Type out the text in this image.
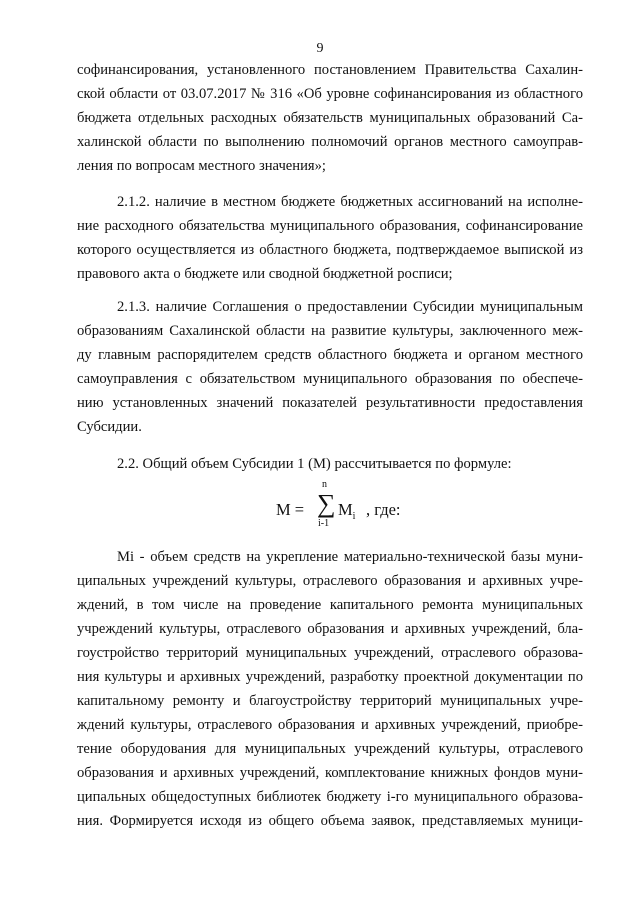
9
софинансирования, установленного постановлением Правительства Сахалин-
ской области от 03.07.2017 № 316 «Об уровне софинансирования из областного
бюджета отдельных расходных обязательств муниципальных образований Са-
халинской области по выполнению полномочий органов местного самоуправ-
ления по вопросам местного значения»;
2.1.2. наличие в местном бюджете бюджетных ассигнований на исполне-
ние расходного обязательства муниципального образования, софинансирование
которого осуществляется из областного бюджета, подтверждаемое выпиской из
правового акта о бюджете или сводной бюджетной росписи;
2.1.3. наличие Соглашения о предоставлении Субсидии муниципальным
образованиям Сахалинской области на развитие культуры, заключенного меж-
ду главным распорядителем средств областного бюджета и органом местного
самоуправления с обязательством муниципального образования по обеспече-
нию установленных значений показателей результативности предоставления
Субсидии.
2.2. Общий объем Субсидии 1 (М) рассчитывается по формуле:
M =
n
∑
i-1
$M_i$ , где:
Mi - объем средств на укрепление материально-технической базы муни-
ципальных учреждений культуры, отраслевого образования и архивных учре-
ждений, в том числе на проведение капитального ремонта муниципальных
учреждений культуры, отраслевого образования и архивных учреждений, бла-
гоустройство территорий муниципальных учреждений, отраслевого образова-
ния культуры и архивных учреждений, разработку проектной документации по
капитальному ремонту и благоустройству территорий муниципальных учре-
ждений культуры, отраслевого образования и архивных учреждений, приобре-
тение оборудования для муниципальных учреждений культуры, отраслевого
образования и архивных учреждений, комплектование книжных фондов муни-
ципальных общедоступных библиотек бюджету i-го муниципального образова-
ния. Формируется исходя из общего объема заявок, представляемых муници-
